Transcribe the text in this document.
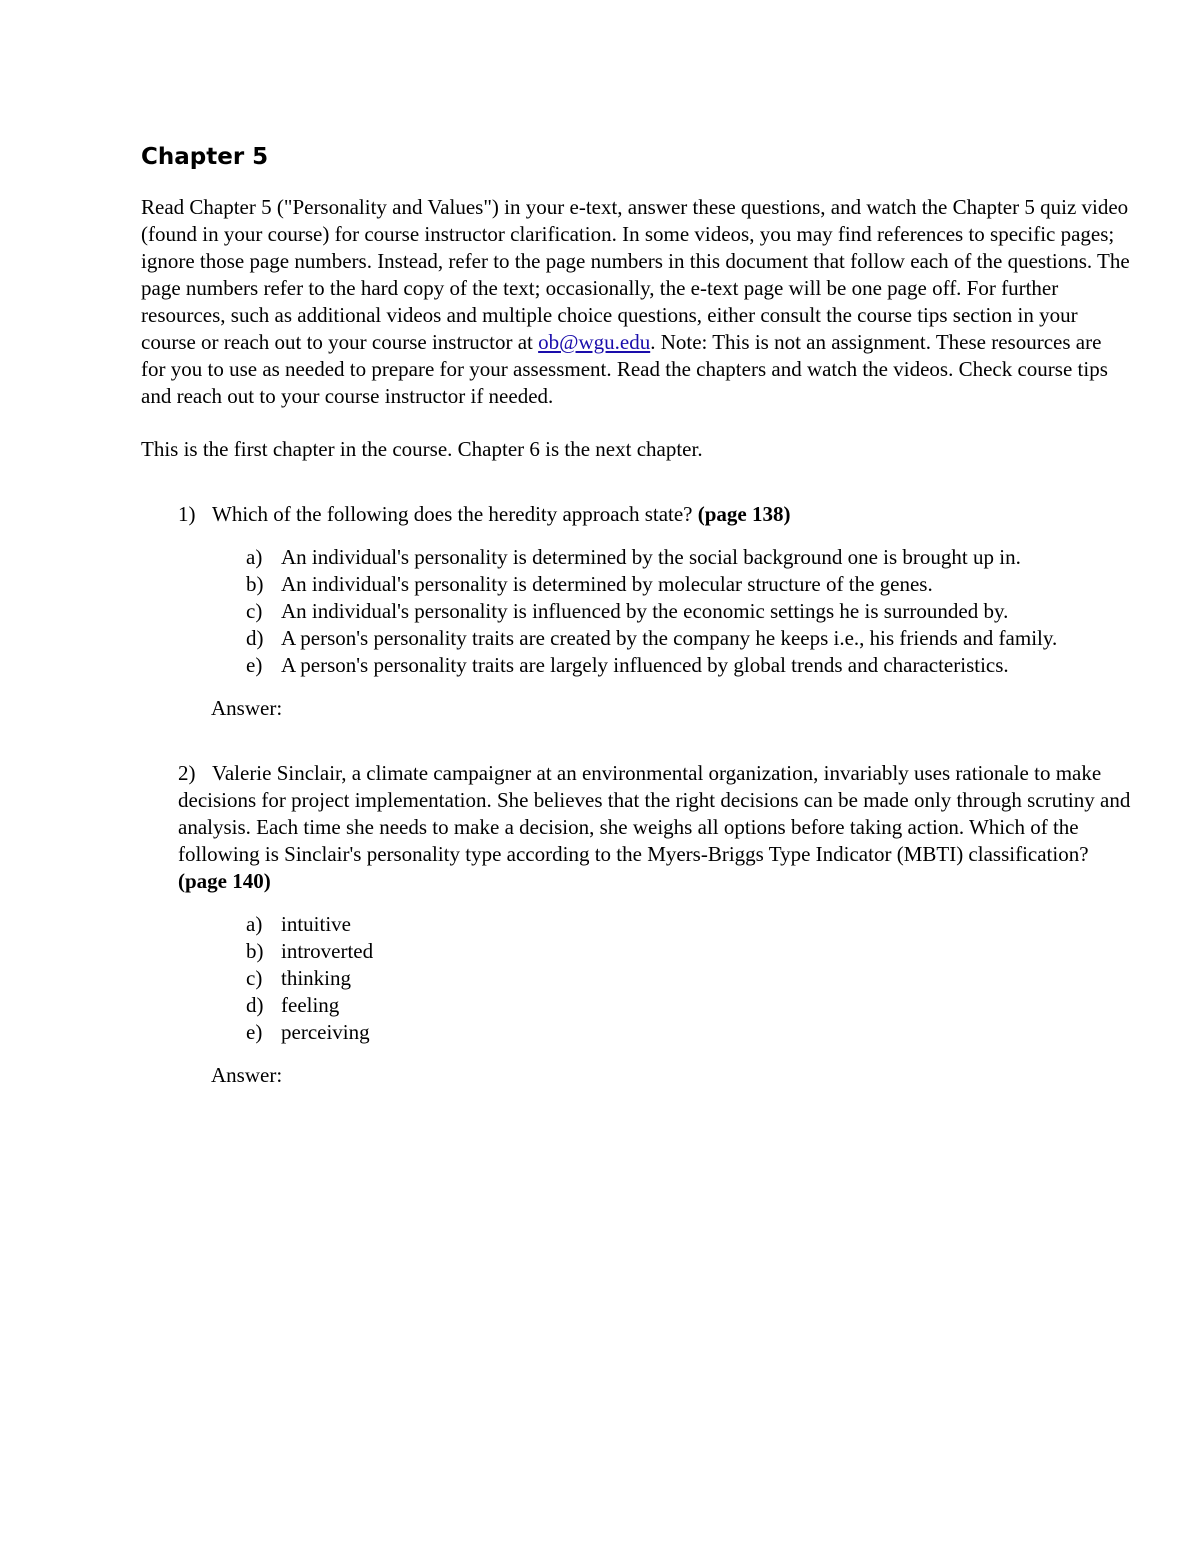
Chapter 5

Read Chapter 5 ("Personality and Values") in your e-text, answer these questions, and watch the Chapter 5 quiz video (found in your course) for course instructor clarification. In some videos, you may find references to specific pages; ignore those page numbers. Instead, refer to the page numbers in this document that follow each of the questions. The page numbers refer to the hard copy of the text; occasionally, the e-text page will be one page off. For further resources, such as additional videos and multiple choice questions, either consult the course tips section in your course or reach out to your course instructor at ob@wgu.edu. Note: This is not an assignment. These resources are for you to use as needed to prepare for your assessment. Read the chapters and watch the videos. Check course tips and reach out to your course instructor if needed.

This is the first chapter in the course. Chapter 6 is the next chapter.

1) Which of the following does the heredity approach state? (page 138)
a) An individual's personality is determined by the social background one is brought up in.
b) An individual's personality is determined by molecular structure of the genes.
c) An individual's personality is influenced by the economic settings he is surrounded by.
d) A person's personality traits are created by the company he keeps i.e., his friends and family.
e) A person's personality traits are largely influenced by global trends and characteristics.
Answer:
2) Valerie Sinclair, a climate campaigner at an environmental organization, invariably uses rationale to make decisions for project implementation. She believes that the right decisions can be made only through scrutiny and analysis. Each time she needs to make a decision, she weighs all options before taking action. Which of the following is Sinclair's personality type according to the Myers-Briggs Type Indicator (MBTI) classification? (page 140)
a) intuitive
b) introverted
c) thinking
d) feeling
e) perceiving
Answer:
